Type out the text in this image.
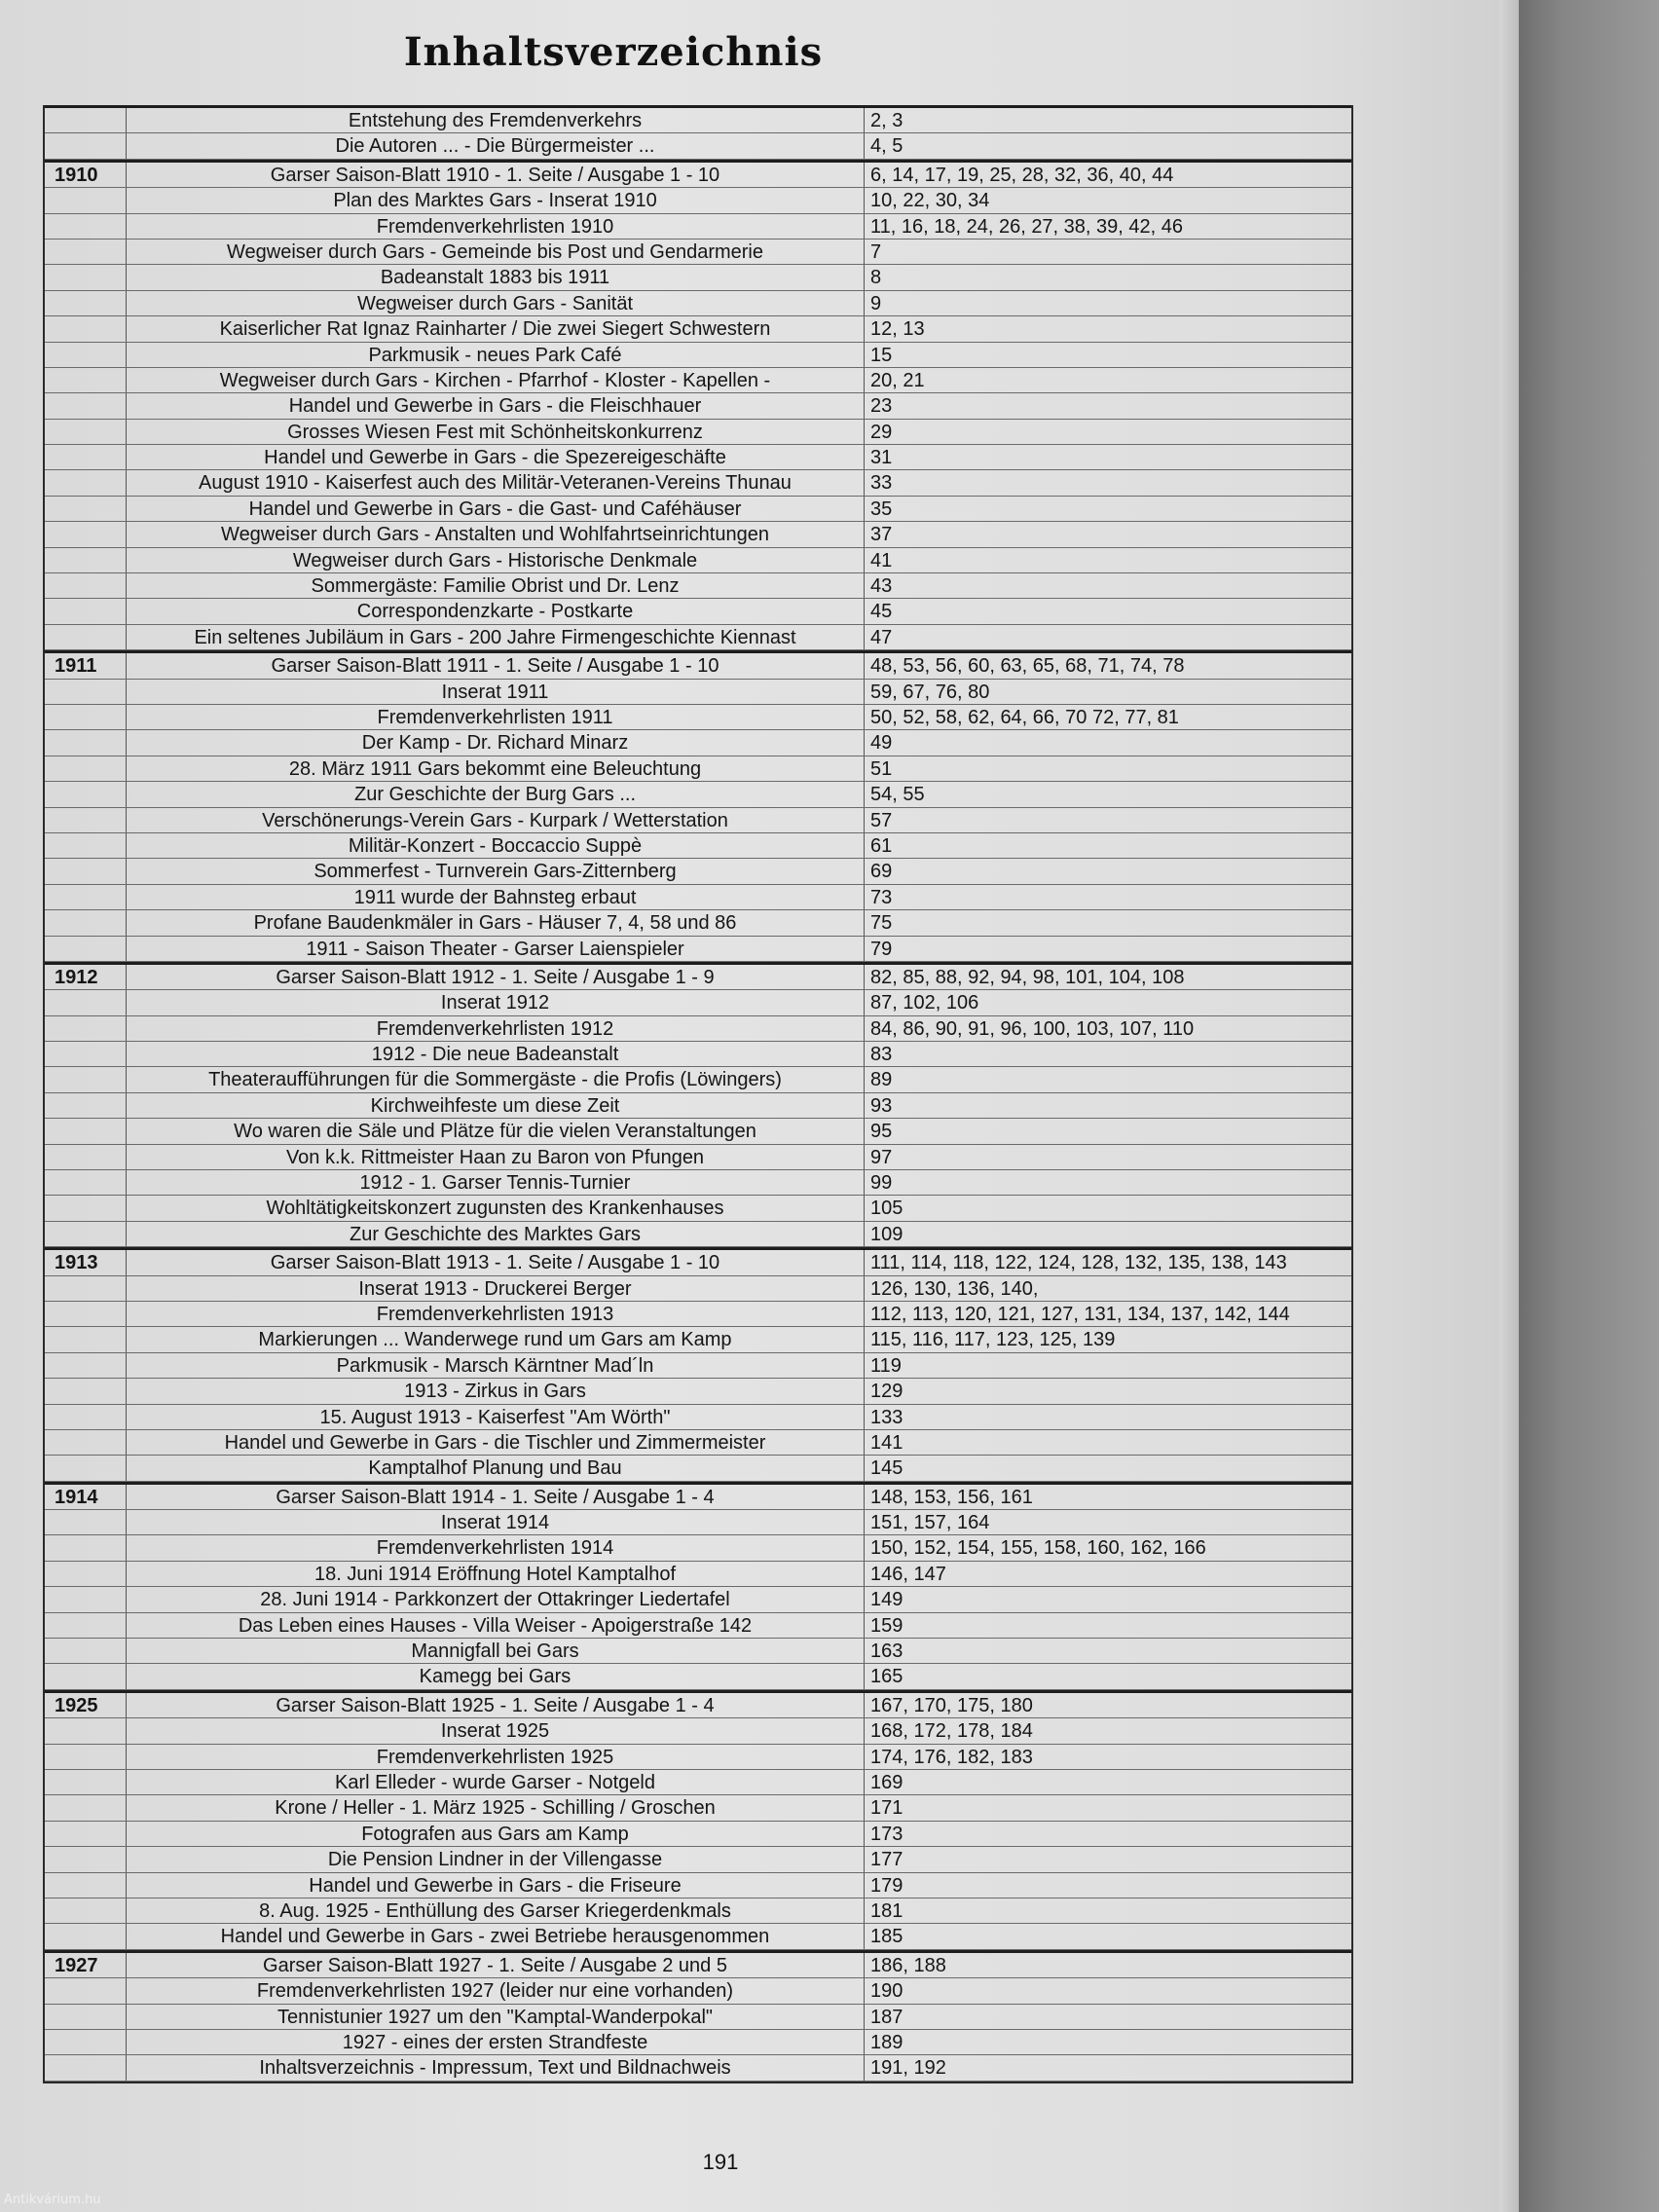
Inhaltsverzeichnis
Entstehung des Fremdenverkehrs	2, 3
Die Autoren ... - Die Bürgermeister ...	4, 5
1910	Garser Saison-Blatt 1910 - 1. Seite / Ausgabe 1 - 10	6, 14, 17, 19, 25, 28, 32, 36, 40, 44
Plan des Marktes Gars - Inserat 1910	10, 22, 30, 34
Fremdenverkehrlisten 1910	11, 16, 18, 24, 26, 27, 38, 39, 42, 46
Wegweiser durch Gars - Gemeinde bis Post und Gendarmerie	7
Badeanstalt 1883 bis 1911	8
Wegweiser durch Gars - Sanität	9
Kaiserlicher Rat Ignaz Rainharter / Die zwei Siegert Schwestern	12, 13
Parkmusik - neues Park Café	15
Wegweiser durch Gars - Kirchen - Pfarrhof - Kloster - Kapellen -	20, 21
Handel und Gewerbe in Gars - die Fleischhauer	23
Grosses Wiesen Fest mit Schönheitskonkurrenz	29
Handel und Gewerbe in Gars - die Spezereigeschäfte	31
August 1910 - Kaiserfest auch des Militär-Veteranen-Vereins Thunau	33
Handel und Gewerbe in Gars - die Gast- und Caféhäuser	35
Wegweiser durch Gars - Anstalten und Wohlfahrtseinrichtungen	37
Wegweiser durch Gars - Historische Denkmale	41
Sommergäste: Familie Obrist und Dr. Lenz	43
Correspondenzkarte - Postkarte	45
Ein seltenes Jubiläum in Gars - 200 Jahre Firmengeschichte Kiennast	47
1911	Garser Saison-Blatt 1911 - 1. Seite / Ausgabe 1 - 10	48, 53, 56, 60, 63, 65, 68, 71, 74, 78
Inserat 1911	59, 67, 76, 80
Fremdenverkehrlisten 1911	50, 52, 58, 62, 64, 66, 70 72, 77, 81
Der Kamp - Dr. Richard Minarz	49
28. März 1911 Gars bekommt eine Beleuchtung	51
Zur Geschichte der Burg Gars ...	54, 55
Verschönerungs-Verein Gars - Kurpark / Wetterstation	57
Militär-Konzert - Boccaccio Suppè	61
Sommerfest - Turnverein Gars-Zitternberg	69
1911 wurde der Bahnsteg erbaut	73
Profane Baudenkmäler in Gars - Häuser 7, 4, 58 und 86	75
1911 - Saison Theater - Garser Laienspieler	79
1912	Garser Saison-Blatt 1912 - 1. Seite / Ausgabe 1 - 9	82, 85, 88, 92, 94, 98, 101, 104, 108
Inserat 1912	87, 102, 106
Fremdenverkehrlisten 1912	84, 86, 90, 91, 96, 100, 103, 107, 110
1912 - Die neue Badeanstalt	83
Theateraufführungen für die Sommergäste - die Profis (Löwingers)	89
Kirchweihfeste um diese Zeit	93
Wo waren die Säle und Plätze für die vielen Veranstaltungen	95
Von k.k. Rittmeister Haan zu Baron von Pfungen	97
1912 - 1. Garser Tennis-Turnier	99
Wohltätigkeitskonzert zugunsten des Krankenhauses	105
Zur Geschichte des Marktes Gars	109
1913	Garser Saison-Blatt 1913 - 1. Seite / Ausgabe 1 - 10	111, 114, 118, 122, 124, 128, 132, 135, 138, 143
Inserat 1913 - Druckerei Berger	126, 130, 136, 140,
Fremdenverkehrlisten 1913	112, 113, 120, 121, 127, 131, 134, 137, 142, 144
Markierungen ... Wanderwege rund um Gars am Kamp	115, 116, 117, 123, 125, 139
Parkmusik - Marsch Kärntner Mad´ln	119
1913 - Zirkus in Gars	129
15. August 1913 - Kaiserfest "Am Wörth"	133
Handel und Gewerbe in Gars - die Tischler und Zimmermeister	141
Kamptalhof Planung und Bau	145
1914	Garser Saison-Blatt 1914 - 1. Seite / Ausgabe 1 - 4	148, 153, 156, 161
Inserat 1914	151, 157, 164
Fremdenverkehrlisten 1914	150, 152, 154, 155, 158, 160, 162, 166
18. Juni 1914 Eröffnung Hotel Kamptalhof	146, 147
28. Juni 1914 - Parkkonzert der Ottakringer Liedertafel	149
Das Leben eines Hauses - Villa Weiser - Apoigerstraße 142	159
Mannigfall bei Gars	163
Kamegg bei Gars	165
1925	Garser Saison-Blatt 1925 - 1. Seite / Ausgabe 1 - 4	167, 170, 175, 180
Inserat 1925	168, 172, 178, 184
Fremdenverkehrlisten 1925	174, 176, 182, 183
Karl Elleder - wurde Garser - Notgeld	169
Krone / Heller - 1. März 1925 - Schilling / Groschen	171
Fotografen aus Gars am Kamp	173
Die Pension Lindner in der Villengasse	177
Handel und Gewerbe in Gars - die Friseure	179
8. Aug. 1925 - Enthüllung des Garser Kriegerdenkmals	181
Handel und Gewerbe in Gars - zwei Betriebe herausgenommen	185
1927	Garser Saison-Blatt 1927 - 1. Seite / Ausgabe 2 und 5	186, 188
Fremdenverkehrlisten 1927 (leider nur eine vorhanden)	190
Tennistunier 1927 um den "Kamptal-Wanderpokal"	187
1927 - eines der ersten Strandfeste	189
Inhaltsverzeichnis - Impressum, Text und Bildnachweis	191, 192
191
Antikvárium.hu
